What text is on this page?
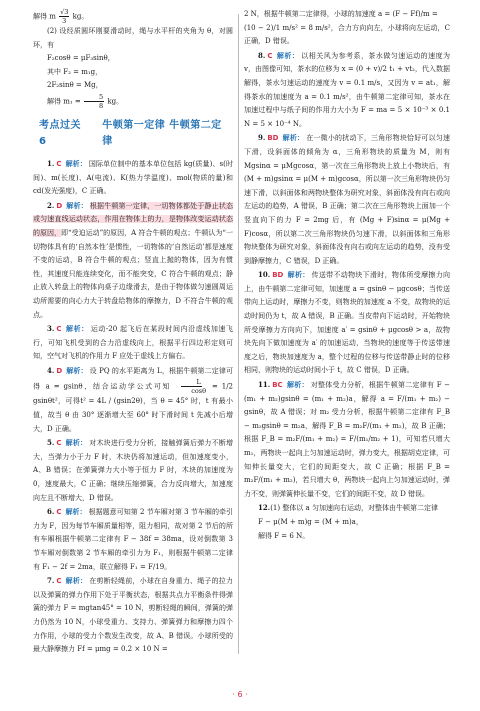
解得 m $\frac{√3}{3}$ kg。

(2) 设经质圆环刚要滑动时，绳与水平杆的夹角为 θ，对圆环，有

F₂cosθ = μF₃sinθ，

其中 F₂ = m₁g，

2F₂sinθ = Mg，

解得 $m_1 = \frac{5}{8}$ kg。

考点过关 6
牛顿第一定律 牛顿第二定律

1. C 解析： 国际单位制中的基本单位包括 kg(质量)、s(时间)、m(长度)、A(电流)、K(热力学温度)、mol(物质的量)和 cd(发光强度)，C 正确。

2. D 解析： 根据牛顿第一定律，一切物体都处于静止状态或匀速直线运动状态，作用在物体上的力，是物体改变运动状态的原因，即“受迫运动”的原因，A 符合牛顿的观点；牛顿认为“一切物体具有的‘自然本性’是惯性，一切物体的‘自然运动’都是速度不变的运动，B 符合牛顿的观点；竖直上抛的物体，因为有惯性，其速度只能连续变化，而不能突变，C 符合牛顿的观点；静止放入转盘上的物体向桌子边缘滑去，是由于物体做匀速圆周运动所需要的向心力大于转盘给物体的摩擦力，D 不符合牛顿的观点。

3. C 解析： 运动-20 起飞后在某段时间内沿虚线加速飞行，可知飞机受到的合力沿虚线向上，根据平行四边形定则可知，空气对飞机的作用力 F 应处于虚线上方偏右。

4. D 解析： 设 PQ 的水平距离为 L，根据牛顿第二定律可得 a = gsinθ，结合运动学公式可知 $\frac{L}{\cos\theta} = 1/2$ gsinθt²，可得t² = 4L / (gsin2θ)，当 θ = 45° 时，t 有最小值，故当 θ 由 30° 逐渐增大至 60° 时下滑时间 t 先减小后增大，D 正确。

5. C 解析： 对木块进行受力分析，接触弹簧后弹力不断增大，当弹力小于力 F 时，木块仍将加速运动，但加速度变小，A、B 错误；在弹簧弹力大小等于恒力 F 时，木块的加速度为 0，速度最大，C 正确；继续压缩弹簧，合力反向增大，加速度向左且不断增大，D 错误。

6. C 解析： 根据题意可知第 2 节车厢对第 3 节车厢的牵引力为 F，因为每节车厢质量相等，阻力相同，故对第 2 节后的所有车厢根据牛顿第二定律有 F − 38f = 38ma，设对倒数第 3 节车厢对倒数第 2 节车厢的牵引力为 F₁，则根据牛顿第二定律有 F₁ − 2f = 2ma，联立解得 F₁ = F/19。

7. C 解析： 在剪断轻绳前，小球在自身重力、绳子的拉力以及弹簧的弹力作用下处于平衡状态，根据共点力平衡条件得弹簧的弹力 F = mgtan45° = 10 N，剪断轻绳的瞬间，弹簧的弹力仍然为 10 N，小球受重力、支持力、弹簧弹力和摩擦力四个力作用，小球的受力个数发生改变，故 A、B 错误。小球所受的最大静摩擦力 Ff = μmg = 0.2 × 10 N =

2 N，根据牛顿第二定律得，小球的加速度 a = (F − Ff)/m =

(10 − 2)/1 m/s² = 8 m/s²，合力方向向左，小球将向左运动，C 正确，D 错误。

8. C 解析： 以相关风为参考系，茶水做匀速运动的速度为 v，由图像可知，茶水的位移为 x = (0 + v)/2 t₁ + vt₂，代入数据解得，茶水匀速运动的速度为 v = 0.1 m/s，又因为 v = at₁，解得茶水的加速度为 a = 0.1 m/s²，由牛顿第二定律可知，茶水在加速过程中与纸子间的作用力大小为 F = ma = 5 × 10⁻³ × 0.1 N = 5 × 10⁻⁴ N。

9. BD 解析： 在一微小的扰动下，三角形物块恰好可以匀速下滑，设斜面体的倾角为 α，三角形物块的质量为 M，则有 Mgsinα = μMgcosα，第一次在三角形物块上放上小物块后，有 (M + m)gsinα = μ(M + m)gcosα，所以第一次三角形物块仍匀速下滑，以斜面体和两物块整体为研究对象，斜面体没有向右或向左运动的趋势，A 错误，B 正确；第二次在三角形物块上面加一个竖直向下的力 F = 2mg 后，有 (Mg + F)sinα = μ(Mg + F)cosα，所以第二次三角形物块仍匀速下滑，以斜面体和三角形物块整体为研究对象，斜面体没有向右或向左运动的趋势，没有受到静摩擦力，C 错误，D 正确。

10. BD 解析： 传送带不动物块下滑时，物体所受摩擦力向上，由牛顿第二定律可知，加速度 a = gsinθ − μgcosθ；当传送带向上运动时，摩擦力不变，则物块的加速度 a 不变，故物块的运动时间仍为 t，故 A 错误，B 正确。当皮带向下运动时，开始物块所受摩擦力方向向下，加速度 a′ = gsinθ + μgcosθ > a，故物块先向下做加速度为 a′ 的加速运动，当物块的速度等于传送带速度之后，物块加速度为 a，整个过程的位移与传送带静止时的位移相同，则物块的运动时间小于 t，故 C 错误，D 正确。

11. BC 解析： 对整体受力分析，根据牛顿第二定律有 F − (m₁ + m₂)gsinθ = (m₁ + m₂)a，解得 a = F/(m₁ + m₂) − gsinθ，故 A 错误；对 m₂ 受力分析，根据牛顿第二定律有 F_B − m₂gsinθ = m₂a，解得 F_B = m₂F/(m₁ + m₂)，故 B 正确；根据 F_B = m₂F/(m₁ + m₂) = F/(m₁/m₂ + 1)，可知若只增大 m₁，两物块一起向上匀加速运动时，弹力变大，根据胡克定律，可知伸长量变大，它们的间距变大，故 C 正确；根据 F_B = m₂F/(m₁ + m₂)，若只增大 θ，两物块一起向上匀加速运动时，弹力不变，则弹簧伸长量不变，它们的间距不变，故 D 错误。

12.(1) 整体以 a 匀加速向右运动，对整体由牛顿第二定律

F − μ(M + m)g = (M + m)a，

解得 F = 6 N。

· 6 ·
